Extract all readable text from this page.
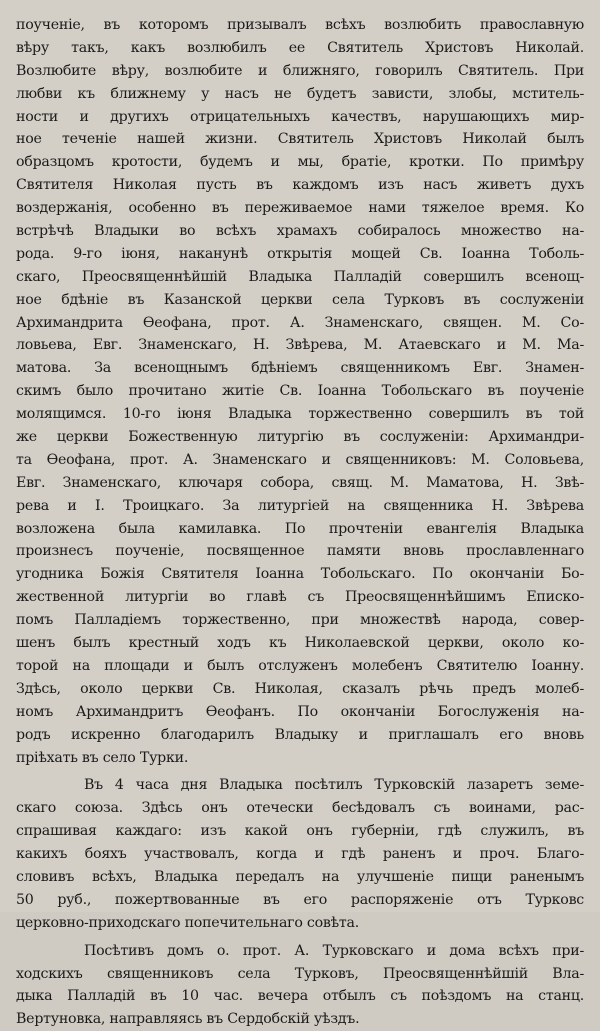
поученіе, въ которомъ призывалъ всѣхъ возлюбить православную
вѣру такъ, какъ возлюбилъ ее Святитель Христовъ Николай.
Возлюбите вѣру, возлюбите и ближняго, говорилъ Святитель. При
любви къ ближнему у насъ не будетъ зависти, злобы, мститель-
ности и другихъ отрицательныхъ качествъ, нарушающихъ мир-
ное теченіе нашей жизни. Святитель Христовъ Николай былъ
образцомъ кротости, будемъ и мы, братіе, кротки. По примѣру
Святителя Николая пусть въ каждомъ изъ насъ живетъ духъ
воздержанія, особенно въ переживаемое нами тяжелое время. Ко
встрѣчѣ Владыки во всѣхъ храмахъ собиралось множество на-
рода. 9-го іюня, наканунѣ открытія мощей Св. Іоанна Тоболь-
скаго, Преосвященнѣйшій Владыка Палладій совершилъ всенощ-
ное бдѣніе въ Казанской церкви села Турковъ въ сослуженіи
Архимандрита Ѳеофана, прот. А. Знаменскаго, священ. М. Со-
ловьева, Евг. Знаменскаго, Н. Звѣрева, М. Атаевскаго и М. Ма-
матова. За всенощнымъ бдѣніемъ священникомъ Евг. Знамен-
скимъ было прочитано житіе Св. Іоанна Тобольскаго въ поученіе
молящимся. 10-го іюня Владыка торжественно совершилъ въ той
же церкви Божественную литургію въ сослуженіи: Архимандри-
та Ѳеофана, прот. А. Знаменскаго и священниковъ: М. Соловьева,
Евг. Знаменскаго, ключаря собора, свящ. М. Маматова, Н. Звѣ-
рева и І. Троицкаго. За литургіей на священника Н. Звѣрева
возложена была камилавка. По прочтеніи евангелія Владыка
произнесъ поученіе, посвященное памяти вновь прославленнаго
угодника Божія Святителя Іоанна Тобольскаго. По окончаніи Бо-
жественной литургіи во главѣ съ Преосвященнѣйшимъ Еписко-
помъ Палладіемъ торжественно, при множествѣ народа, совер-
шенъ былъ крестный ходъ къ Николаевской церкви, около ко-
торой на площади и былъ отслуженъ молебенъ Святителю Іоанну.
Здѣсь, около церкви Св. Николая, сказалъ рѣчь предъ молеб-
номъ Архимандритъ Ѳеофанъ. По окончаніи Богослуженія на-
родъ искренно благодарилъ Владыку и приглашалъ его вновь
пріѣхать въ село Турки.
Въ 4 часа дня Владыка посѣтилъ Турковскій лазаретъ земе-
скаго союза. Здѣсь онъ отечески бесѣдовалъ съ воинами, рас-
спрашивая каждаго: изъ какой онъ губерніи, гдѣ служилъ, въ
какихъ бояхъ участвовалъ, когда и гдѣ раненъ и проч. Благо-
словивъ всѣхъ, Владыка передалъ на улучшеніе пищи раненымъ
50 руб., пожертвованные въ его распоряженіе отъ Турковс
церковно-приходскаго попечительнаго совѣта.
Посѣтивъ домъ о. прот. А. Турковскаго и дома всѣхъ при-
ходскихъ священниковъ села Турковъ, Преосвященнѣйшій Вла-
дыка Палладій въ 10 час. вечера отбылъ съ поѣздомъ на станц.
Вертуновка, направляясь въ Сердобскій уѣздъ.
